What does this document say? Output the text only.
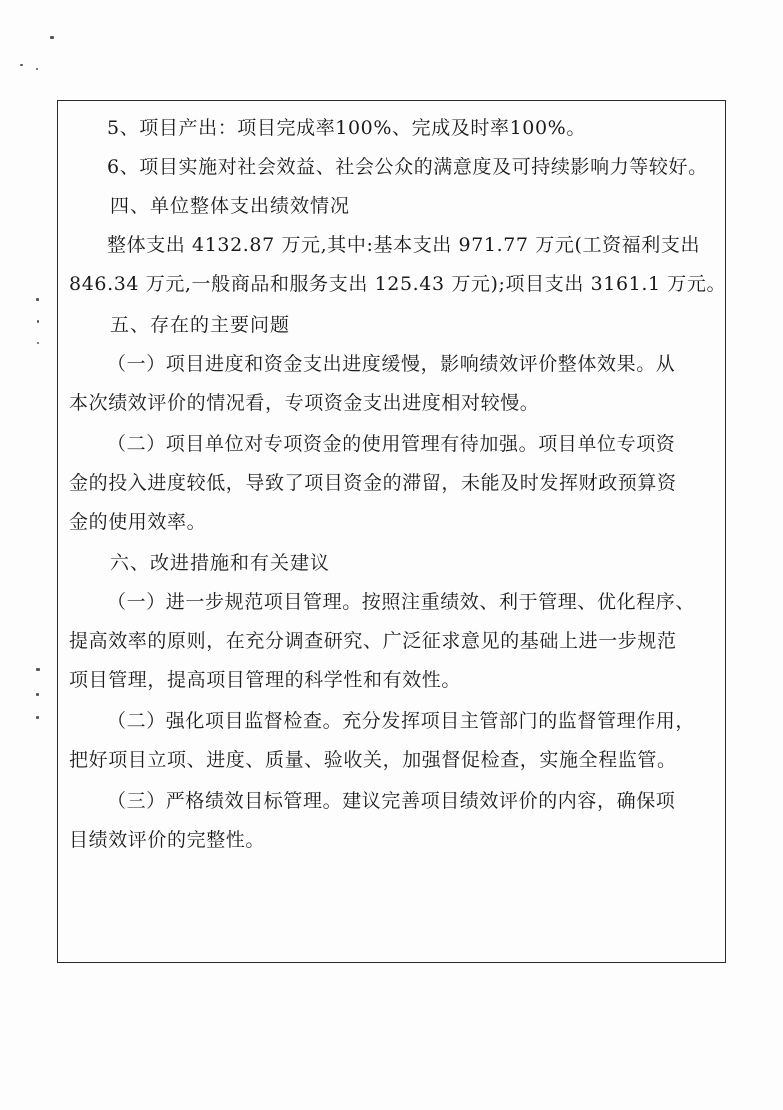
5、项目产出：项目完成率100%、完成及时率100%。
6、项目实施对社会效益、社会公众的满意度及可持续影响力等较好。
四、单位整体支出绩效情况
整体支出 4132.87 万元,其中:基本支出 971.77 万元(工资福利支出
846.34 万元,一般商品和服务支出 125.43 万元);项目支出 3161.1 万元。
五、存在的主要问题
（一）项目进度和资金支出进度缓慢，影响绩效评价整体效果。从
本次绩效评价的情况看，专项资金支出进度相对较慢。
（二）项目单位对专项资金的使用管理有待加强。项目单位专项资
金的投入进度较低，导致了项目资金的滞留，未能及时发挥财政预算资
金的使用效率。
六、改进措施和有关建议
（一）进一步规范项目管理。按照注重绩效、利于管理、优化程序、
提高效率的原则，在充分调查研究、广泛征求意见的基础上进一步规范
项目管理，提高项目管理的科学性和有效性。
（二）强化项目监督检查。充分发挥项目主管部门的监督管理作用，
把好项目立项、进度、质量、验收关，加强督促检查，实施全程监管。
（三）严格绩效目标管理。建议完善项目绩效评价的内容，确保项
目绩效评价的完整性。
